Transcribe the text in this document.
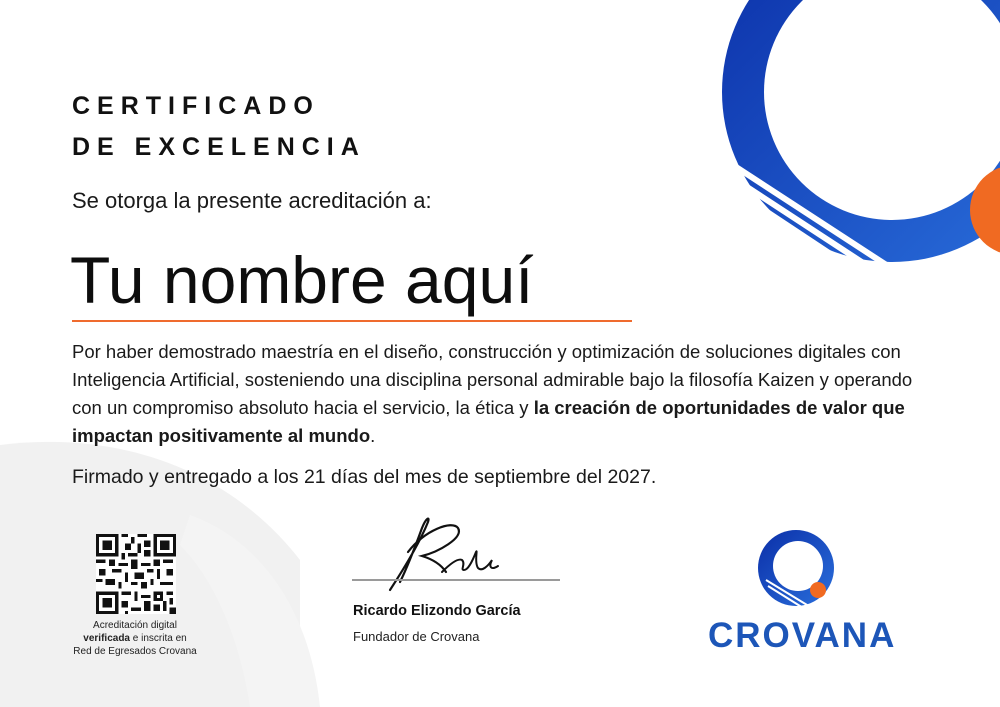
CERTIFICADO
DE EXCELENCIA
Se otorga la presente acreditación a:
Tu nombre aquí
Por haber demostrado maestría en el diseño, construcción y optimización de soluciones digitales con Inteligencia Artificial, sosteniendo una disciplina personal admirable bajo la filosofía Kaizen y operando con un compromiso absoluto hacia el servicio, la ética y la creación de oportunidades de valor que impactan positivamente al mundo.
Firmado y entregado a los 21 días del mes de septiembre del 2027.
Acreditación digital
verificada e inscrita en
Red de Egresados Crovana
Ricardo Elizondo García
Fundador de Crovana	CROVANA
